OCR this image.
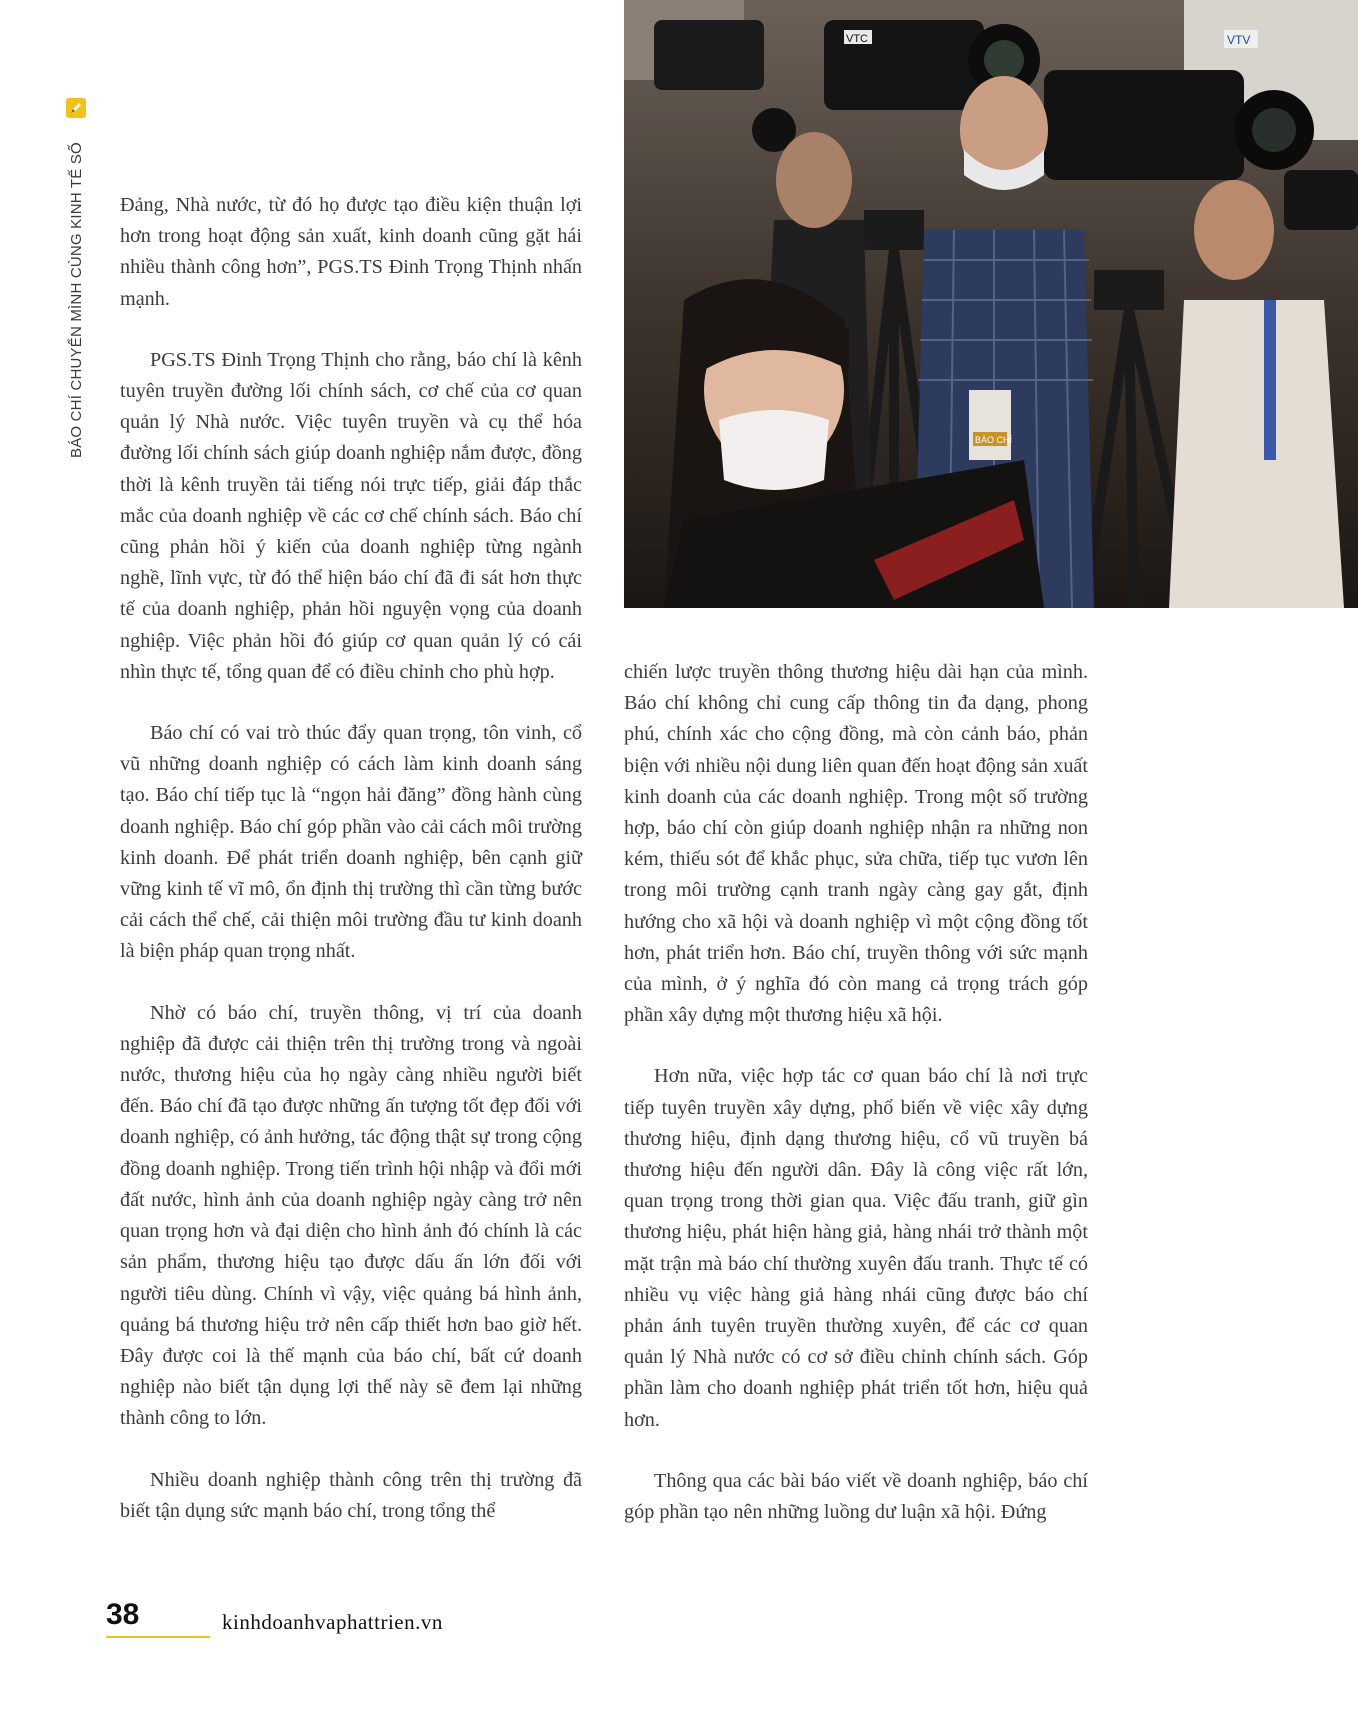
BÁO CHÍ CHUYỂN MÌNH CÙNG KINH TẾ SỐ
VTC	VTV
BÁO CHÍ

Đảng, Nhà nước, từ đó họ được tạo điều kiện thuận lợi hơn trong hoạt động sản xuất, kinh doanh cũng gặt hái nhiều thành công hơn”, PGS.TS Đinh Trọng Thịnh nhấn mạnh.

PGS.TS Đinh Trọng Thịnh cho rằng, báo chí là kênh tuyên truyền đường lối chính sách, cơ chế của cơ quan quản lý Nhà nước. Việc tuyên truyền và cụ thể hóa đường lối chính sách giúp doanh nghiệp nắm được, đồng thời là kênh truyền tải tiếng nói trực tiếp, giải đáp thắc mắc của doanh nghiệp về các cơ chế chính sách. Báo chí cũng phản hồi ý kiến của doanh nghiệp từng ngành nghề, lĩnh vực, từ đó thể hiện báo chí đã đi sát hơn thực tế của doanh nghiệp, phản hồi nguyện vọng của doanh nghiệp. Việc phản hồi đó giúp cơ quan quản lý có cái nhìn thực tế, tổng quan để có điều chỉnh cho phù hợp.

Báo chí có vai trò thúc đẩy quan trọng, tôn vinh, cổ vũ những doanh nghiệp có cách làm kinh doanh sáng tạo. Báo chí tiếp tục là “ngọn hải đăng” đồng hành cùng doanh nghiệp. Báo chí góp phần vào cải cách môi trường kinh doanh. Để phát triển doanh nghiệp, bên cạnh giữ vững kinh tế vĩ mô, ổn định thị trường thì cần từng bước cải cách thể chế, cải thiện môi trường đầu tư kinh doanh là biện pháp quan trọng nhất.

Nhờ có báo chí, truyền thông, vị trí của doanh nghiệp đã được cải thiện trên thị trường trong và ngoài nước, thương hiệu của họ ngày càng nhiều người biết đến. Báo chí đã tạo được những ấn tượng tốt đẹp đối với doanh nghiệp, có ảnh hưởng, tác động thật sự trong cộng đồng doanh nghiệp. Trong tiến trình hội nhập và đổi mới đất nước, hình ảnh của doanh nghiệp ngày càng trở nên quan trọng hơn và đại diện cho hình ảnh đó chính là các sản phẩm, thương hiệu tạo được dấu ấn lớn đối với người tiêu dùng. Chính vì vậy, việc quảng bá hình ảnh, quảng bá thương hiệu trở nên cấp thiết hơn bao giờ hết. Đây được coi là thế mạnh của báo chí, bất cứ doanh nghiệp nào biết tận dụng lợi thế này sẽ đem lại những thành công to lớn.

Nhiều doanh nghiệp thành công trên thị trường đã biết tận dụng sức mạnh báo chí, trong tổng thể

chiến lược truyền thông thương hiệu dài hạn của mình. Báo chí không chỉ cung cấp thông tin đa dạng, phong phú, chính xác cho cộng đồng, mà còn cảnh báo, phản biện với nhiều nội dung liên quan đến hoạt động sản xuất kinh doanh của các doanh nghiệp. Trong một số trường hợp, báo chí còn giúp doanh nghiệp nhận ra những non kém, thiếu sót để khắc phục, sửa chữa, tiếp tục vươn lên trong môi trường cạnh tranh ngày càng gay gắt, định hướng cho xã hội và doanh nghiệp vì một cộng đồng tốt hơn, phát triển hơn. Báo chí, truyền thông với sức mạnh của mình, ở ý nghĩa đó còn mang cả trọng trách góp phần xây dựng một thương hiệu xã hội.

Hơn nữa, việc hợp tác cơ quan báo chí là nơi trực tiếp tuyên truyền xây dựng, phổ biến về việc xây dựng thương hiệu, định dạng thương hiệu, cổ vũ truyền bá thương hiệu đến người dân. Đây là công việc rất lớn, quan trọng trong thời gian qua. Việc đấu tranh, giữ gìn thương hiệu, phát hiện hàng giả, hàng nhái trở thành một mặt trận mà báo chí thường xuyên đấu tranh. Thực tế có nhiều vụ việc hàng giả hàng nhái cũng được báo chí phản ánh tuyên truyền thường xuyên, để các cơ quan quản lý Nhà nước có cơ sở điều chỉnh chính sách. Góp phần làm cho doanh nghiệp phát triển tốt hơn, hiệu quả hơn.

Thông qua các bài báo viết về doanh nghiệp, báo chí góp phần tạo nên những luồng dư luận xã hội. Đứng

38	kinhdoanhvaphattrien.vn
